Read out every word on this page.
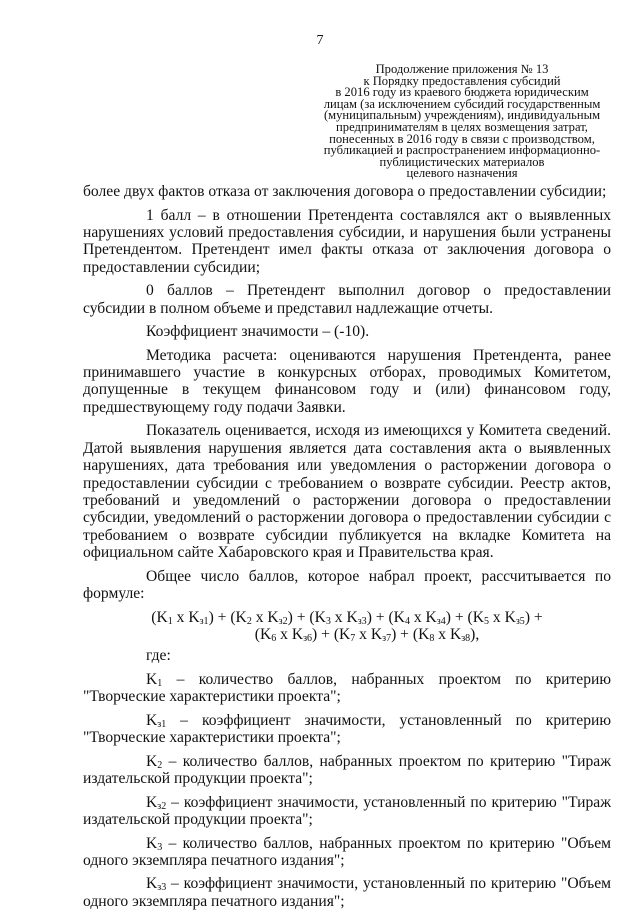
7
Продолжение приложения № 13
к Порядку предоставления субсидий
в 2016 году из краевого бюджета юридическим
лицам (за исключением субсидий государственным
(муниципальным) учреждениям), индивидуальным
предпринимателям в целях возмещения затрат,
понесенных в 2016 году в связи с производством,
публикацией и распространением информационно-
публицистических материалов
целевого назначения

более двух фактов отказа от заключения договора о предоставлении субсидии;

1 балл – в отношении Претендента составлялся акт о выявленных нарушениях условий предоставления субсидии, и нарушения были устранены Претендентом. Претендент имел факты отказа от заключения договора о предоставлении субсидии;

0 баллов – Претендент выполнил договор о предоставлении субсидии в полном объеме и представил надлежащие отчеты.

Коэффициент значимости – (-10).

Методика расчета: оцениваются нарушения Претендента, ранее принимавшего участие в конкурсных отборах, проводимых Комитетом, допущенные в текущем финансовом году и (или) финансовом году, предшествующему году подачи Заявки.

Показатель оценивается, исходя из имеющихся у Комитета сведений. Датой выявления нарушения является дата составления акта о выявленных нарушениях, дата требования или уведомления о расторжении договора о предоставлении субсидии с требованием о возврате субсидии. Реестр актов, требований и уведомлений о расторжении договора о предоставлении субсидии, уведомлений о расторжении договора о предоставлении субсидии с требованием о возврате субсидии публикуется на вкладке Комитета на официальном сайте Хабаровского края и Правительства края.

Общее число баллов, которое набрал проект, рассчитывается по формуле:

($K_1$ x $K_{з1}) + (K_2$ x $K_{з2}) + (K_3$ x $K_{з3}) + (K_4$ x $K_{з4}) + (K_5$ x $K_{з5}$) +
($K_6$ x $K_{з6}) + (K_7$ x $K_{з7}) + (K_8$ x $K_{з8}$),

где:

$K_1$ – количество баллов, набранных проектом по критерию "Творческие характеристики проекта";

$K_{з1}$ – коэффициент значимости, установленный по критерию "Творческие характеристики проекта";

$K_2$ – количество баллов, набранных проектом по критерию "Тираж издательской продукции проекта";

$K_{з2}$ – коэффициент значимости, установленный по критерию "Тираж издательской продукции проекта";

$K_3$ – количество баллов, набранных проектом по критерию "Объем одного экземпляра печатного издания";

$K_{з3}$ – коэффициент значимости, установленный по критерию "Объем одного экземпляра печатного издания";
